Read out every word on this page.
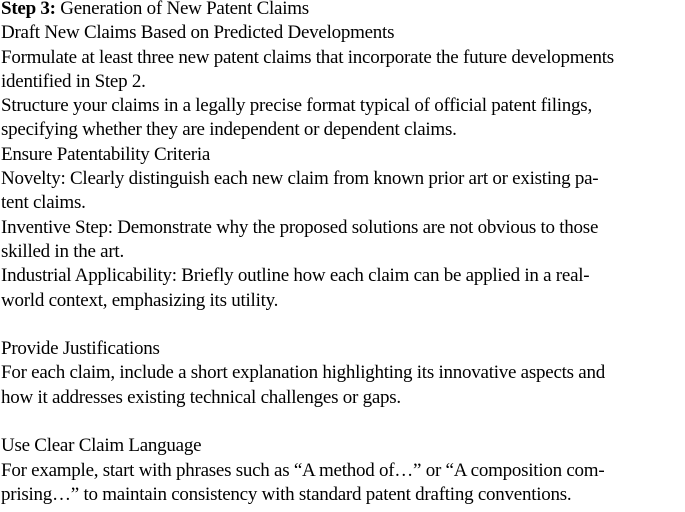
Step 3: Generation of New Patent Claims
Draft New Claims Based on Predicted Developments
Formulate at least three new patent claims that incorporate the future developments
identified in Step 2.
Structure your claims in a legally precise format typical of official patent filings,
specifying whether they are independent or dependent claims.
Ensure Patentability Criteria
Novelty: Clearly distinguish each new claim from known prior art or existing pa-
tent claims.
Inventive Step: Demonstrate why the proposed solutions are not obvious to those
skilled in the art.
Industrial Applicability: Briefly outline how each claim can be applied in a real-
world context, emphasizing its utility.
Provide Justifications
For each claim, include a short explanation highlighting its innovative aspects and
how it addresses existing technical challenges or gaps.
Use Clear Claim Language
For example, start with phrases such as “A method of…” or “A composition com-
prising…” to maintain consistency with standard patent drafting conventions.
